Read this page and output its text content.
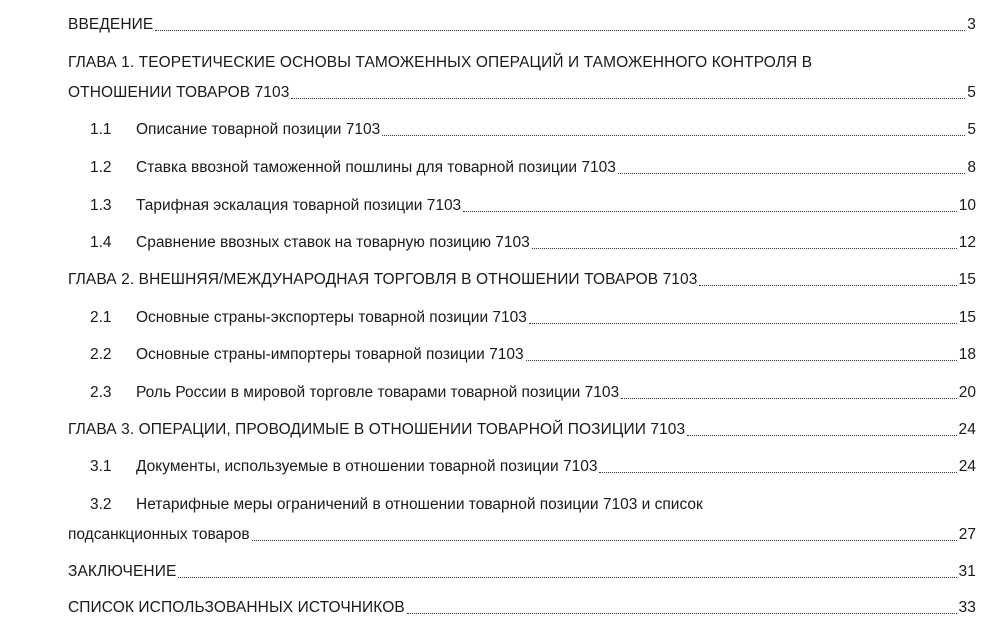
ВВЕДЕНИЕ	3
ГЛАВА 1. ТЕОРЕТИЧЕСКИЕ ОСНОВЫ ТАМОЖЕННЫХ ОПЕРАЦИЙ И ТАМОЖЕННОГО КОНТРОЛЯ В
ОТНОШЕНИИ ТОВАРОВ 7103	5
1.1	Описание товарной позиции 7103	5
1.2	Ставка ввозной таможенной пошлины для товарной позиции 7103	8
1.3	Тарифная эскалация товарной позиции 7103	10
1.4	Сравнение ввозных ставок на товарную позицию 7103	12
ГЛАВА 2. ВНЕШНЯЯ/МЕЖДУНАРОДНАЯ ТОРГОВЛЯ В ОТНОШЕНИИ ТОВАРОВ 7103	15
2.1	Основные страны-экспортеры товарной позиции 7103	15
2.2	Основные страны-импортеры товарной позиции 7103	18
2.3	Роль России в мировой торговле товарами товарной позиции 7103	20
ГЛАВА 3. ОПЕРАЦИИ, ПРОВОДИМЫЕ В ОТНОШЕНИИ ТОВАРНОЙ ПОЗИЦИИ 7103	24
3.1	Документы, используемые в отношении товарной позиции 7103	24
3.2 Нетарифные меры ограничений в отношении товарной позиции 7103 и список
подсанкционных товаров	27
ЗАКЛЮЧЕНИЕ	31
СПИСОК ИСПОЛЬЗОВАННЫХ ИСТОЧНИКОВ	33
